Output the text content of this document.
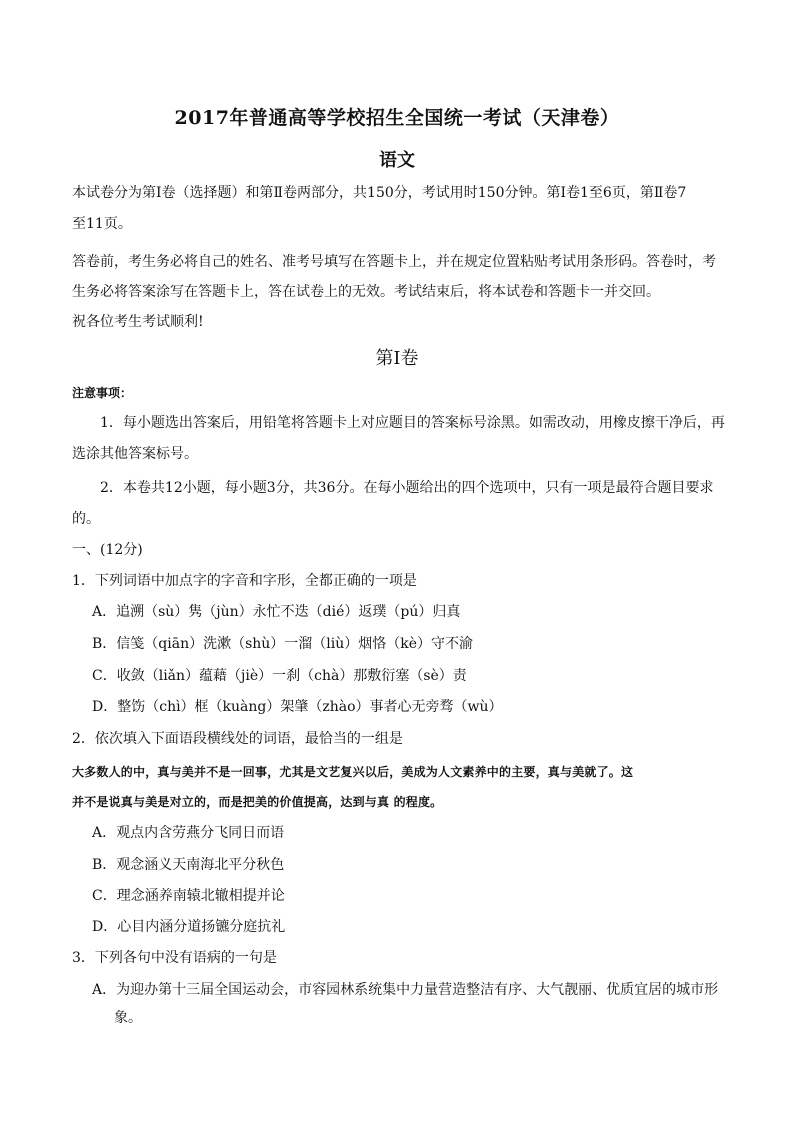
2017年普通高等学校招生全国统一考试（天津卷）
语文
本试卷分为第Ⅰ卷（选择题）和第Ⅱ卷两部分，共150分，考试用时150分钟。第Ⅰ卷1至6页，第Ⅱ卷7
至11页。
答卷前，考生务必将自己的姓名、准考号填写在答题卡上，并在规定位置粘贴考试用条形码。答卷时，考
生务必将答案涂写在答题卡上，答在试卷上的无效。考试结束后，将本试卷和答题卡一并交回。
祝各位考生考试顺利!
第Ⅰ卷
注意事项：
1．每小题选出答案后，用铅笔将答题卡上对应题目的答案标号涂黑。如需改动，用橡皮擦干净后，再
选涂其他答案标号。
2．本卷共12小题，每小题3分，共36分。在每小题给出的四个选项中，只有一项是最符合题目要求
的。
一、(12分)
1．下列词语中加点字的字音和字形，全都正确的一项是
A．追溯（sù）隽（jùn）永忙不迭（dié）返璞（pú）归真
B．信笺（qiān）洗漱（shù）一溜（liù）烟恪（kè）守不渝
C．收敛（liǎn）蕴藉（jiè）一刹（chà）那敷衍塞（sè）责
D．整饬（chì）框（kuàng）架肇（zhào）事者心无旁骛（wù）
2．依次填入下面语段横线处的词语，最恰当的一组是
大多数人的中，真与美并不是一回事，尤其是文艺复兴以后，美成为人文素养中的主要，真与美就了。这
并不是说真与美是对立的，而是把美的价值提高，达到与真 的程度。
A．观点内含劳燕分飞同日而语
B．观念涵义天南海北平分秋色
C．理念涵养南辕北辙相提并论
D．心目内涵分道扬镳分庭抗礼
3．下列各句中没有语病的一句是
A．为迎办第十三届全国运动会，市容园林系统集中力量营造整洁有序、大气靓丽、优质宜居的城市形
象。
